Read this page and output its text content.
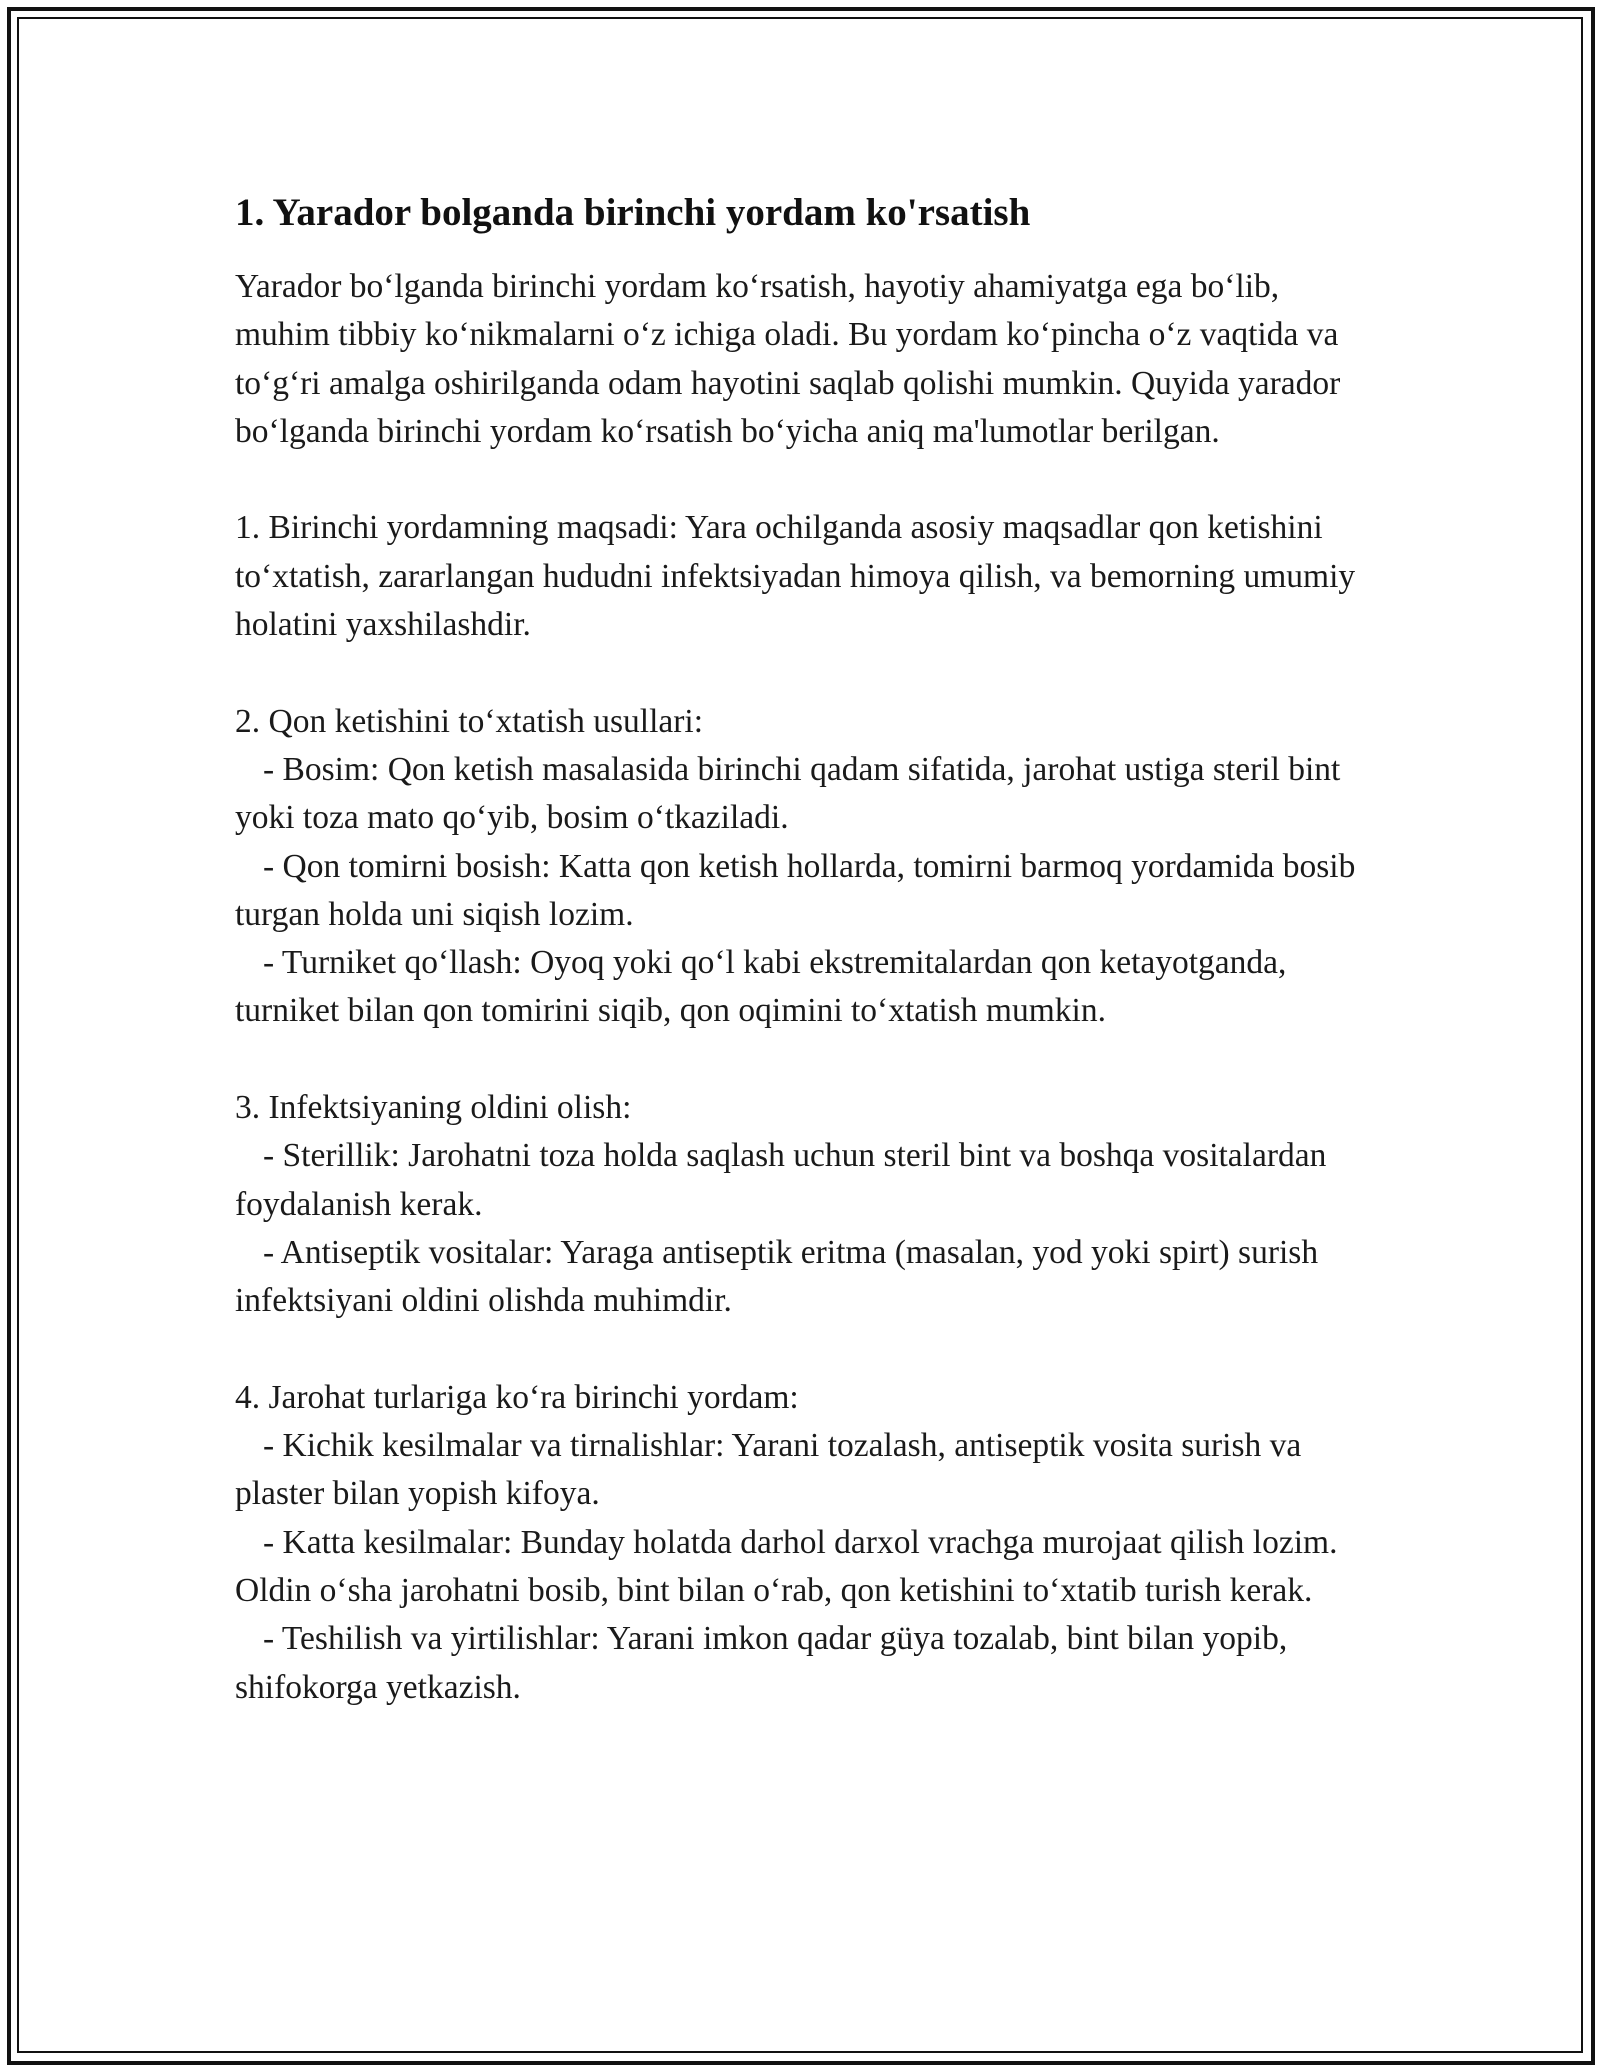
1. Yarador bolganda birinchi yordam ko'rsatish

Yarador bo‘lganda birinchi yordam ko‘rsatish, hayotiy ahamiyatga ega bo‘lib, muhim tibbiy ko‘nikmalarni o‘z ichiga oladi. Bu yordam ko‘pincha o‘z vaqtida va to‘g‘ri amalga oshirilganda odam hayotini saqlab qolishi mumkin. Quyida yarador bo‘lganda birinchi yordam ko‘rsatish bo‘yicha aniq ma'lumotlar berilgan.

1. Birinchi yordamning maqsadi: Yara ochilganda asosiy maqsadlar qon ketishini to‘xtatish, zararlangan hududni infektsiyadan himoya qilish, va bemorning umumiy holatini yaxshilashdir.

2. Qon ketishini to‘xtatish usullari:

- Bosim: Qon ketish masalasida birinchi qadam sifatida, jarohat ustiga steril bint yoki toza mato qo‘yib, bosim o‘tkaziladi.

- Qon tomirni bosish: Katta qon ketish hollarda, tomirni barmoq yordamida bosib turgan holda uni siqish lozim.

- Turniket qo‘llash: Oyoq yoki qo‘l kabi ekstremitalardan qon ketayotganda, turniket bilan qon tomirini siqib, qon oqimini to‘xtatish mumkin.

3. Infektsiyaning oldini olish:

- Sterillik: Jarohatni toza holda saqlash uchun steril bint va boshqa vositalardan foydalanish kerak.

- Antiseptik vositalar: Yaraga antiseptik eritma (masalan, yod yoki spirt) surish infektsiyani oldini olishda muhimdir.

4. Jarohat turlariga ko‘ra birinchi yordam:

- Kichik kesilmalar va tirnalishlar: Yarani tozalash, antiseptik vosita surish va plaster bilan yopish kifoya.

- Katta kesilmalar: Bunday holatda darhol darxol vrachga murojaat qilish lozim. Oldin o‘sha jarohatni bosib, bint bilan o‘rab, qon ketishini to‘xtatib turish kerak.

- Teshilish va yirtilishlar: Yarani imkon qadar güya tozalab, bint bilan yopib, shifokorga yetkazish.
